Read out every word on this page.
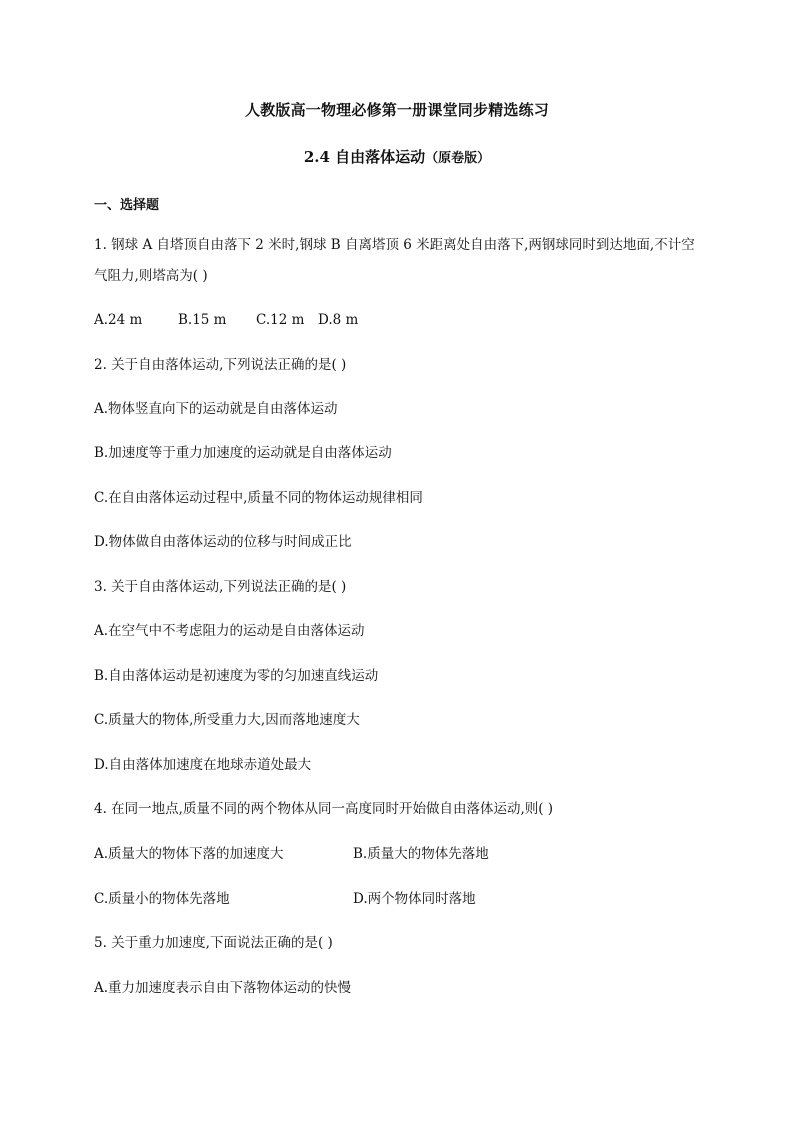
人教版高一物理必修第一册课堂同步精选练习
2.4 自由落体运动（原卷版）
一、选择题
1. 钢球 A 自塔顶自由落下 2 米时,钢球 B 自离塔顶 6 米距离处自由落下,两钢球同时到达地面,不计空
气阻力,则塔高为( )
A.24 m	B.15 m C.12 m D.8 m
2. 关于自由落体运动,下列说法正确的是( )
A.物体竖直向下的运动就是自由落体运动
B.加速度等于重力加速度的运动就是自由落体运动
C.在自由落体运动过程中,质量不同的物体运动规律相同
D.物体做自由落体运动的位移与时间成正比
3. 关于自由落体运动,下列说法正确的是( )
A.在空气中不考虑阻力的运动是自由落体运动
B.自由落体运动是初速度为零的匀加速直线运动
C.质量大的物体,所受重力大,因而落地速度大
D.自由落体加速度在地球赤道处最大
4. 在同一地点,质量不同的两个物体从同一高度同时开始做自由落体运动,则( )
A.质量大的物体下落的加速度大	B.质量大的物体先落地
C.质量小的物体先落地	D.两个物体同时落地
5. 关于重力加速度,下面说法正确的是( )
A.重力加速度表示自由下落物体运动的快慢
